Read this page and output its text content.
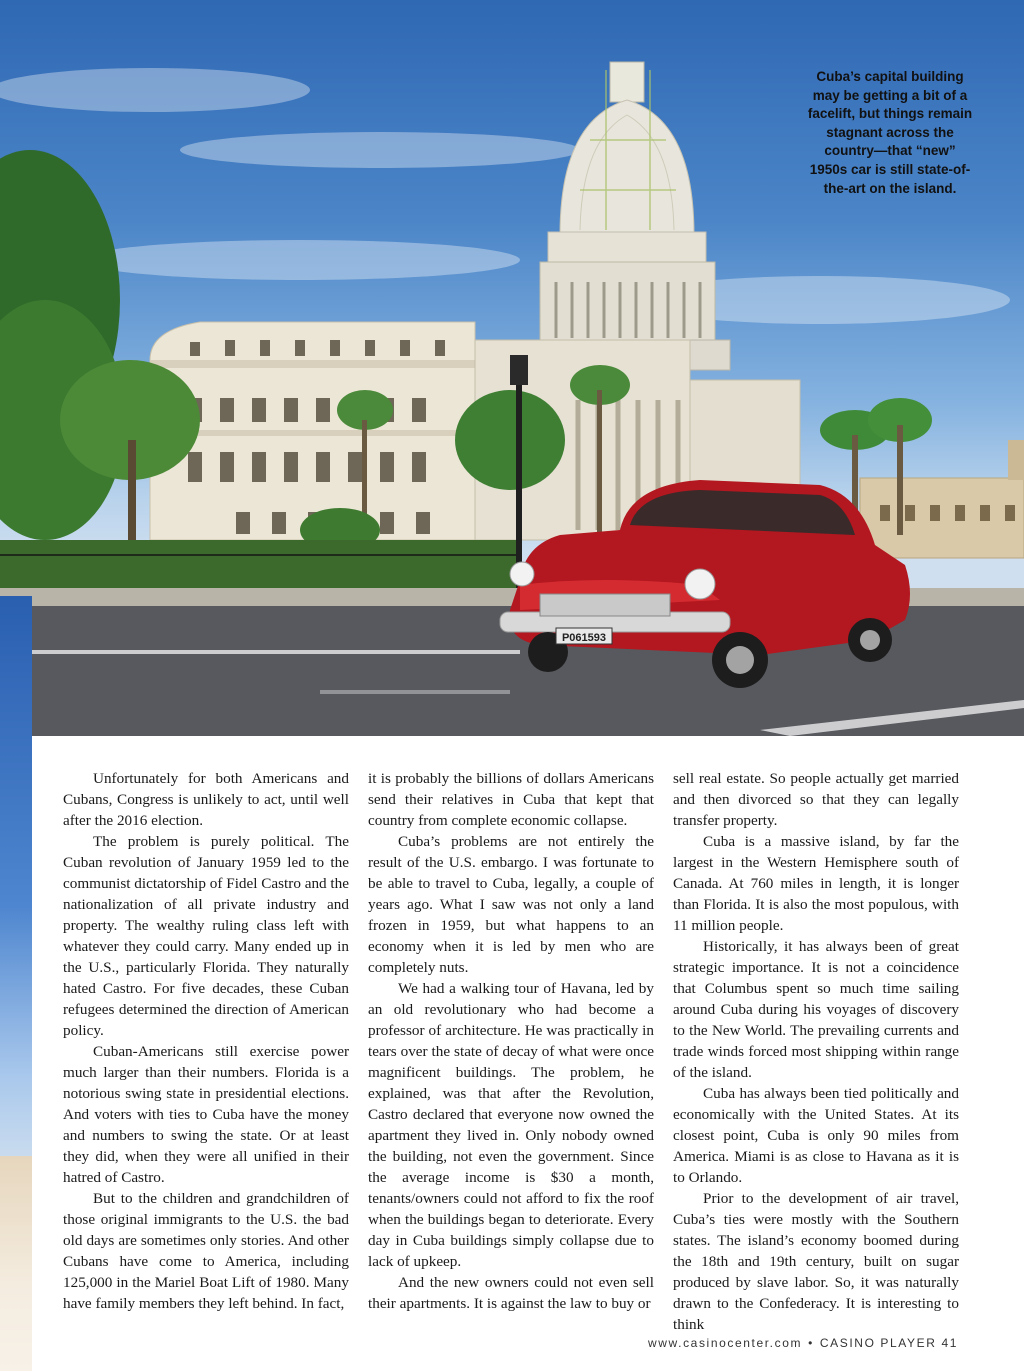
P061593
Cuba’s capital building may be getting a bit of a facelift, but things remain stagnant across the country—that “new” 1950s car is still state-of-the-art on the island.

Unfortunately for both Americans and Cubans, Congress is unlikely to act, until well after the 2016 election.

The problem is purely political. The Cuban revolution of January 1959 led to the communist dictatorship of Fidel Castro and the nationalization of all private industry and property. The wealthy ruling class left with whatever they could carry. Many ended up in the U.S., particularly Florida. They naturally hated Castro. For five decades, these Cuban refugees determined the direction of American policy.

Cuban-Americans still exercise power much larger than their numbers. Florida is a notorious swing state in presidential elections. And voters with ties to Cuba have the money and numbers to swing the state. Or at least they did, when they were all unified in their hatred of Castro.

But to the children and grandchildren of those original immigrants to the U.S. the bad old days are sometimes only stories. And other Cubans have come to America, including 125,000 in the Mariel Boat Lift of 1980. Many have family members they left behind. In fact,

it is probably the billions of dollars Americans send their relatives in Cuba that kept that country from complete economic collapse.

Cuba’s problems are not entirely the result of the U.S. embargo. I was fortunate to be able to travel to Cuba, legally, a couple of years ago. What I saw was not only a land frozen in 1959, but what happens to an economy when it is led by men who are completely nuts.

We had a walking tour of Havana, led by an old revolutionary who had become a professor of architecture. He was practically in tears over the state of decay of what were once magnificent buildings. The problem, he explained, was that after the Revolution, Castro declared that everyone now owned the apartment they lived in. Only nobody owned the building, not even the government. Since the average income is $30 a month, tenants/owners could not afford to fix the roof when the buildings began to deteriorate. Every day in Cuba buildings simply collapse due to lack of upkeep.

And the new owners could not even sell their apartments. It is against the law to buy or

sell real estate. So people actually get married and then divorced so that they can legally transfer property.

Cuba is a massive island, by far the largest in the Western Hemisphere south of Canada. At 760 miles in length, it is longer than Florida. It is also the most populous, with 11 million people.

Historically, it has always been of great strategic importance. It is not a coincidence that Columbus spent so much time sailing around Cuba during his voyages of discovery to the New World. The prevailing currents and trade winds forced most shipping within range of the island.

Cuba has always been tied politically and economically with the United States. At its closest point, Cuba is only 90 miles from America. Miami is as close to Havana as it is to Orlando.

Prior to the development of air travel, Cuba’s ties were mostly with the Southern states. The island’s economy boomed during the 18th and 19th century, built on sugar produced by slave labor. So, it was naturally drawn to the Confederacy. It is interesting to think

www.casinocenter.com • CASINO PLAYER 41
